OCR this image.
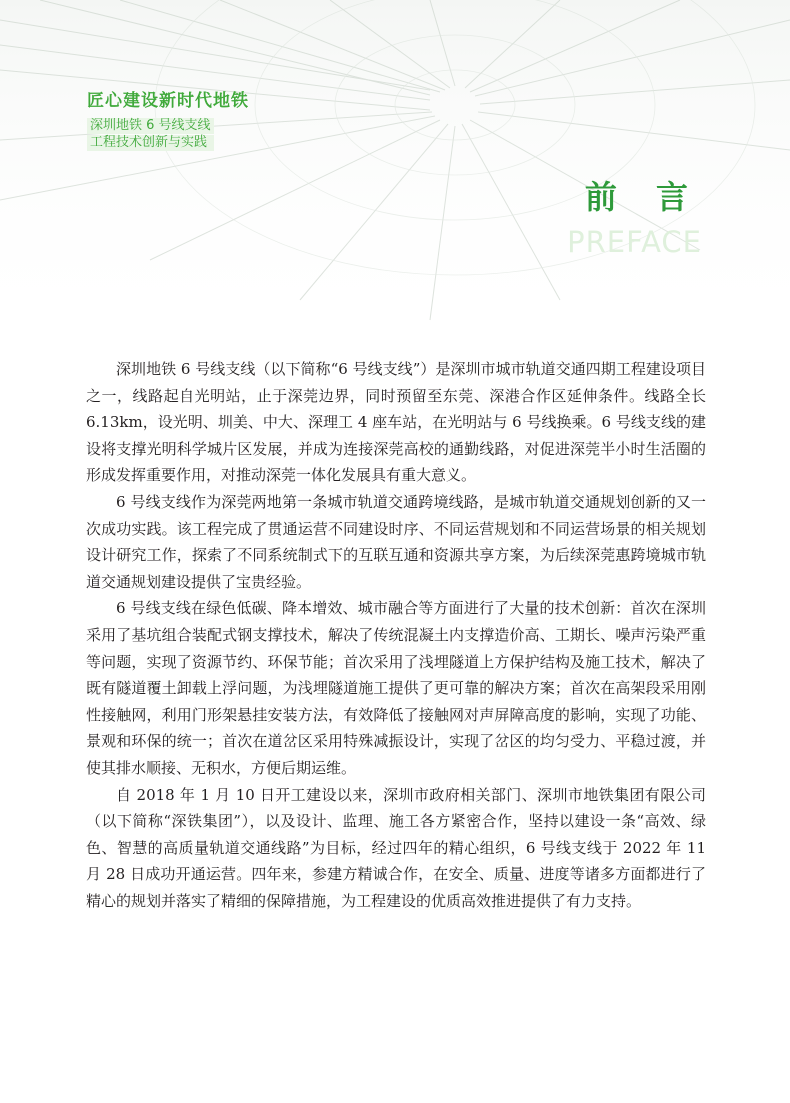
匠心建设新时代地铁
深圳地铁 6 号线支线
工程技术创新与实践
前 言
PREFACE

深圳地铁 6 号线支线（以下简称“6 号线支线”）是深圳市城市轨道交通四期工程建设项目之一，线路起自光明站，止于深莞边界，同时预留至东莞、深港合作区延伸条件。线路全长 6.13km，设光明、圳美、中大、深理工 4 座车站，在光明站与 6 号线换乘。6 号线支线的建设将支撑光明科学城片区发展，并成为连接深莞高校的通勤线路，对促进深莞半小时生活圈的形成发挥重要作用，对推动深莞一体化发展具有重大意义。

6 号线支线作为深莞两地第一条城市轨道交通跨境线路，是城市轨道交通规划创新的又一次成功实践。该工程完成了贯通运营不同建设时序、不同运营规划和不同运营场景的相关规划设计研究工作，探索了不同系统制式下的互联互通和资源共享方案，为后续深莞惠跨境城市轨道交通规划建设提供了宝贵经验。

6 号线支线在绿色低碳、降本增效、城市融合等方面进行了大量的技术创新：首次在深圳采用了基坑组合装配式钢支撑技术，解决了传统混凝土内支撑造价高、工期长、噪声污染严重等问题，实现了资源节约、环保节能；首次采用了浅埋隧道上方保护结构及施工技术，解决了既有隧道覆土卸载上浮问题，为浅埋隧道施工提供了更可靠的解决方案；首次在高架段采用刚性接触网，利用门形架悬挂安装方法，有效降低了接触网对声屏障高度的影响，实现了功能、景观和环保的统一；首次在道岔区采用特殊减振设计，实现了岔区的均匀受力、平稳过渡，并使其排水顺接、无积水，方便后期运维。

自 2018 年 1 月 10 日开工建设以来，深圳市政府相关部门、深圳市地铁集团有限公司（以下简称“深铁集团”），以及设计、监理、施工各方紧密合作，坚持以建设一条“高效、绿色、智慧的高质量轨道交通线路”为目标，经过四年的精心组织，6 号线支线于 2022 年 11 月 28 日成功开通运营。四年来，参建方精诚合作，在安全、质量、进度等诸多方面都进行了精心的规划并落实了精细的保障措施，为工程建设的优质高效推进提供了有力支持。
